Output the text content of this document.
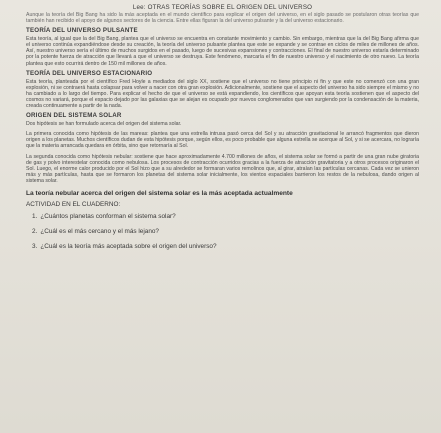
Lee: OTRAS TEORÍAS SOBRE EL ORIGEN DEL UNIVERSO

Aunque la teoría del Big Bang ha sido la más aceptada en el mundo científico para explicar el origen del universo, en el siglo pasado se postularon otras teorías que también han recibido el apoyo de algunos sectores de la ciencia. Entre ellas figuran la del universo pulsante y la del universo estacionario.

TEORÍA DEL UNIVERSO PULSANTE

Esta teoría, al igual que la del Big Bang, plantea que el universo se encuentra en constante movimiento y cambio. Sin embargo, mientras que la del Big Bang afirma que el universo continúa expandiéndose desde su creación, la teoría del universo pulsante plantea que este se expande y se contrae en ciclos de miles de millones de años. Así, nuestro universo sería el último de muchos surgidos en el pasado, luego de sucesivas expansiones y contracciones. El final de nuestro universo estaría determinado por la potente fuerza de atracción que llevará a que el universo se destruya. Este fenómeno, marcaría el fin de nuestro universo y el nacimiento de otro nuevo. La teoría plantea que esto ocurrirá dentro de 150 mil millones de años.

TEORÍA DEL UNIVERSO ESTACIONARIO

Esta teoría, planteada por el científico Fred Hoyle a mediados del siglo XX, sostiene que el universo no tiene principio ni fin y que este no comenzó con una gran explosión, ni se contraerá hasta colapsar para volver a nacer con otra gran explosión. Adicionalmente, sostiene que el aspecto del universo ha sido siempre el mismo y no ha cambiado a lo largo del tiempo. Para explicar el hecho de que el universo se está expandiendo, los científicos que apoyan esta teoría sostienen que el aspecto del cosmos no variará, porque el espacio dejado por las galaxias que se alejan es ocupado por nuevos conglomerados que van surgiendo por la condensación de la materia, creada continuamente a partir de la nada.

ORIGEN DEL SISTEMA SOLAR

Dos hipótesis se han formulado acerca del origen del sistema solar.

La primera conocida como hipótesis de las mareas: plantea que una estrella intrusa pasó cerca del Sol y su atracción gravitacional le arrancó fragmentos que dieron origen a los planetas. Muchos científicos dudan de esta hipótesis porque, según ellos, es poco probable que alguna estrella se acerque al Sol, y si se acercara, no lograría que la materia arrancada quedara en órbita, sino que retornaría al Sol.

La segunda conocida como hipótesis nebular: sostiene que hace aproximadamente 4.700 millones de años, el sistema solar se formó a partir de una gran nube giratoria de gas y polvo interestelar conocida como nebulosa. Los procesos de contracción ocurridos gracias a la fuerza de atracción gravitatoria y a otros procesos originaron el Sol. Luego, el enorme calor producido por el Sol hizo que a su alrededor se formaran varios remolinos que, al girar, atraían las partículas cercanas. Cada vez se unieron más y más partículas, hasta que se formaron los planetas del sistema solar inicialmente, los vientos espaciales barrieron los restos de la nebulosa, dando origen al sistema solar.

La teoría nebular acerca del origen del sistema solar es la más aceptada actualmente
ACTIVIDAD EN EL CUADERNO:
1. ¿Cuántos planetas conforman el sistema solar?
2. ¿Cuál es el más cercano y el más lejano?
3. ¿Cuál es la teoría más aceptada sobre el origen del universo?
